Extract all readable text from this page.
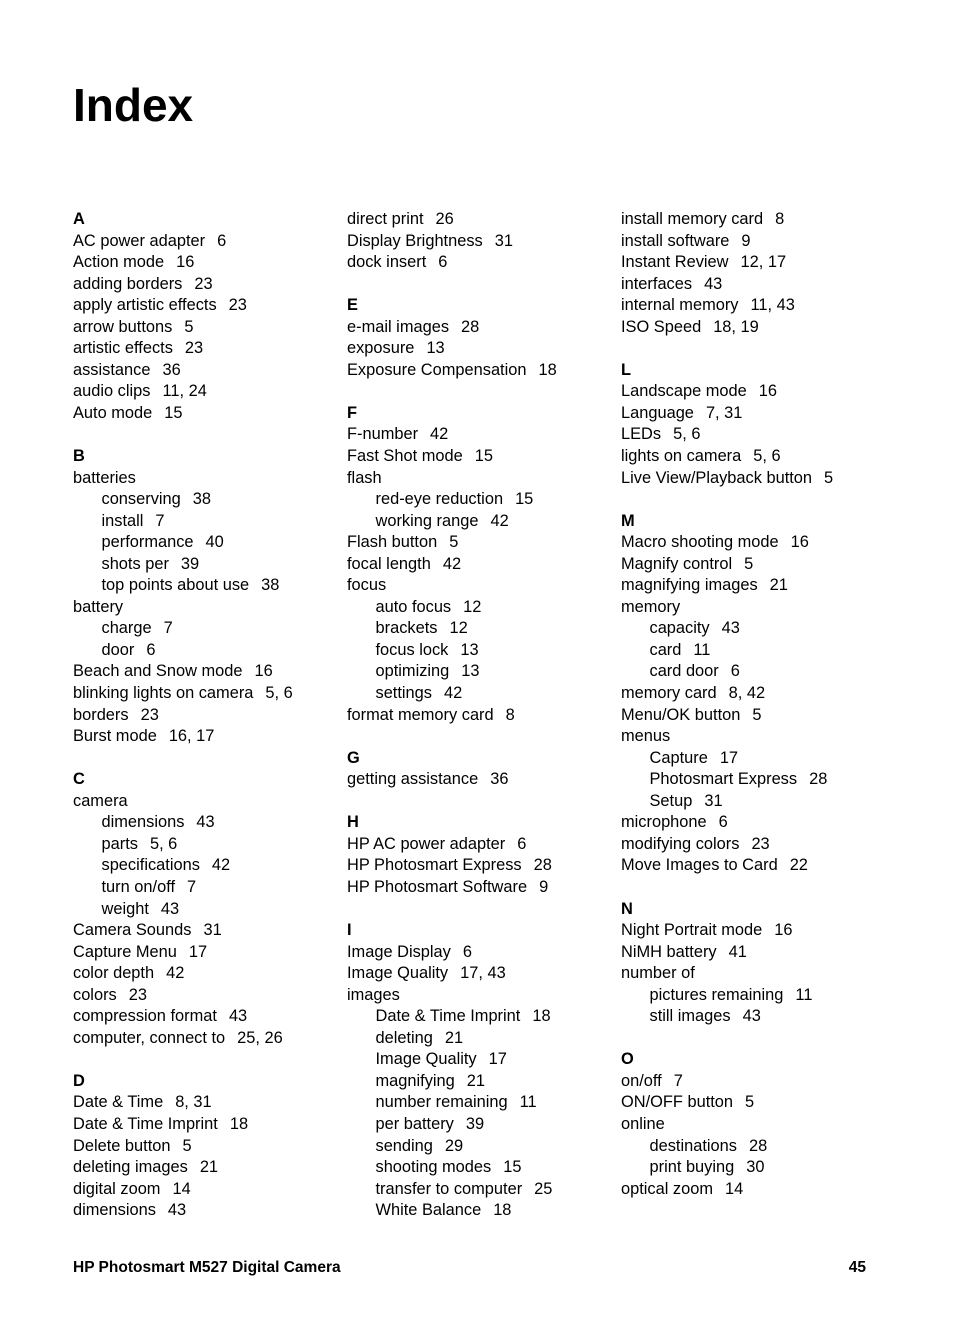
Index
A
AC power adapter 6
Action mode 16
adding borders 23
apply artistic effects 23
arrow buttons 5
artistic effects 23
assistance 36
audio clips 11, 24
Auto mode 15
B
batteries
conserving 38
install 7
performance 40
shots per 39
top points about use 38
battery
charge 7
door 6
Beach and Snow mode 16
blinking lights on camera 5, 6
borders 23
Burst mode 16, 17
C
camera
dimensions 43
parts 5, 6
specifications 42
turn on/off 7
weight 43
Camera Sounds 31
Capture Menu 17
color depth 42
colors 23
compression format 43
computer, connect to 25, 26
D
Date & Time 8, 31
Date & Time Imprint 18
Delete button 5
deleting images 21
digital zoom 14
dimensions 43
direct print 26
Display Brightness 31
dock insert 6
E
e-mail images 28
exposure 13
Exposure Compensation 18
F
F-number 42
Fast Shot mode 15
flash
red-eye reduction 15
working range 42
Flash button 5
focal length 42
focus
auto focus 12
brackets 12
focus lock 13
optimizing 13
settings 42
format memory card 8
G
getting assistance 36
H
HP AC power adapter 6
HP Photosmart Express 28
HP Photosmart Software 9
I
Image Display 6
Image Quality 17, 43
images
Date & Time Imprint 18
deleting 21
Image Quality 17
magnifying 21
number remaining 11
per battery 39
sending 29
shooting modes 15
transfer to computer 25
White Balance 18
install memory card 8
install software 9
Instant Review 12, 17
interfaces 43
internal memory 11, 43
ISO Speed 18, 19
L
Landscape mode 16
Language 7, 31
LEDs 5, 6
lights on camera 5, 6
Live View/Playback button 5
M
Macro shooting mode 16
Magnify control 5
magnifying images 21
memory
capacity 43
card 11
card door 6
memory card 8, 42
Menu/OK button 5
menus
Capture 17
Photosmart Express 28
Setup 31
microphone 6
modifying colors 23
Move Images to Card 22
N
Night Portrait mode 16
NiMH battery 41
number of
pictures remaining 11
still images 43
O
on/off 7
ON/OFF button 5
online
destinations 28
print buying 30
optical zoom 14
HP Photosmart M527 Digital Camera	45
